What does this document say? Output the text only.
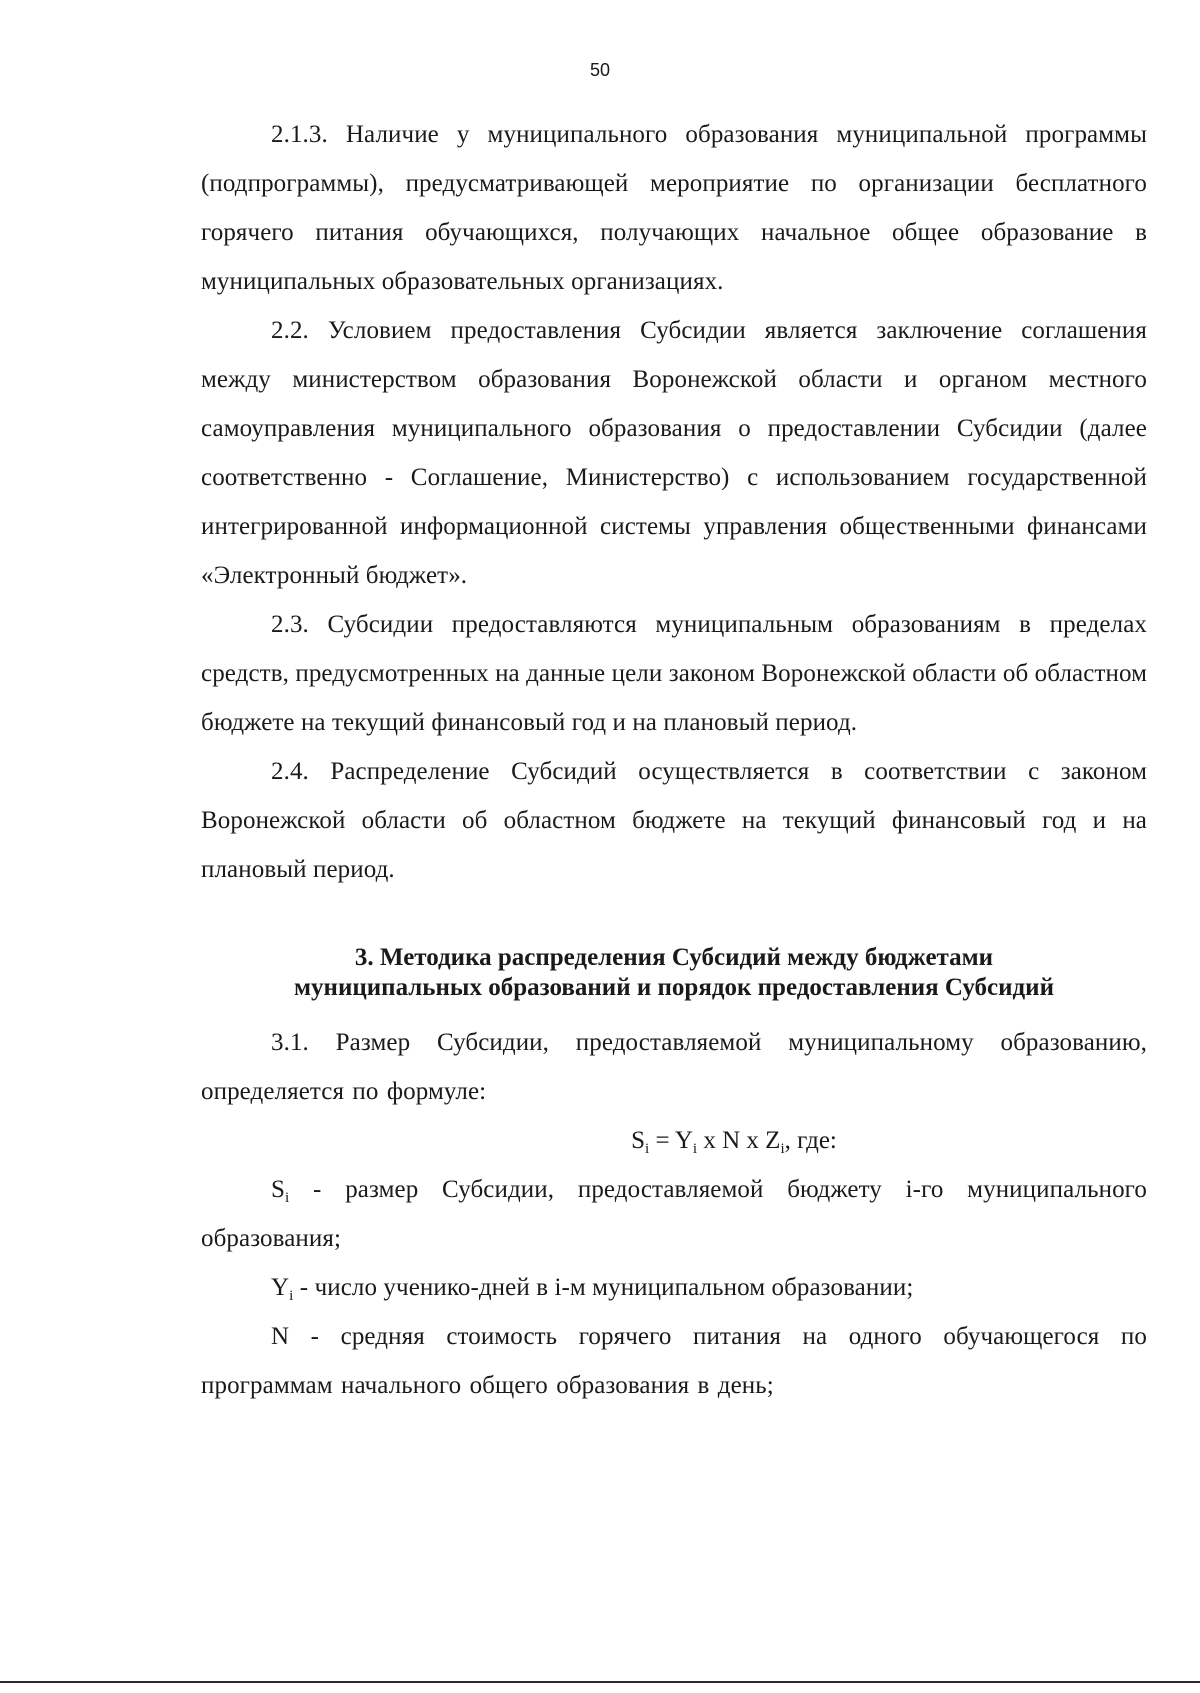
50

2.1.3. Наличие у муниципального образования муниципальной программы (подпрограммы), предусматривающей мероприятие по организации бесплатного горячего питания обучающихся, получающих начальное общее образование в муниципальных образовательных организациях.

2.2. Условием предоставления Субсидии является заключение соглашения между министерством образования Воронежской области и органом местного самоуправления муниципального образования о предоставлении Субсидии (далее соответственно - Соглашение, Министерство) с использованием государственной интегрированной информационной системы управления общественными финансами «Электронный бюджет».

2.3. Субсидии предоставляются муниципальным образованиям в пределах средств, предусмотренных на данные цели законом Воронежской области об областном бюджете на текущий финансовый год и на плановый период.

2.4. Распределение Субсидий осуществляется в соответствии с законом Воронежской области об областном бюджете на текущий финансовый год и на плановый период.

3. Методика распределения Субсидий между бюджетами
муниципальных образований и порядок предоставления Субсидий

3.1. Размер Субсидии, предоставляемой муниципальному образованию, определяется по формуле:

$S_i = Y_i$ x N x $Z_i$, где:

$S_i$ - размер Субсидии, предоставляемой бюджету i-го муниципального образования;

$Y_i$ - число ученико-дней в i-м муниципальном образовании;

N - средняя стоимость горячего питания на одного обучающегося по программам начального общего образования в день;
